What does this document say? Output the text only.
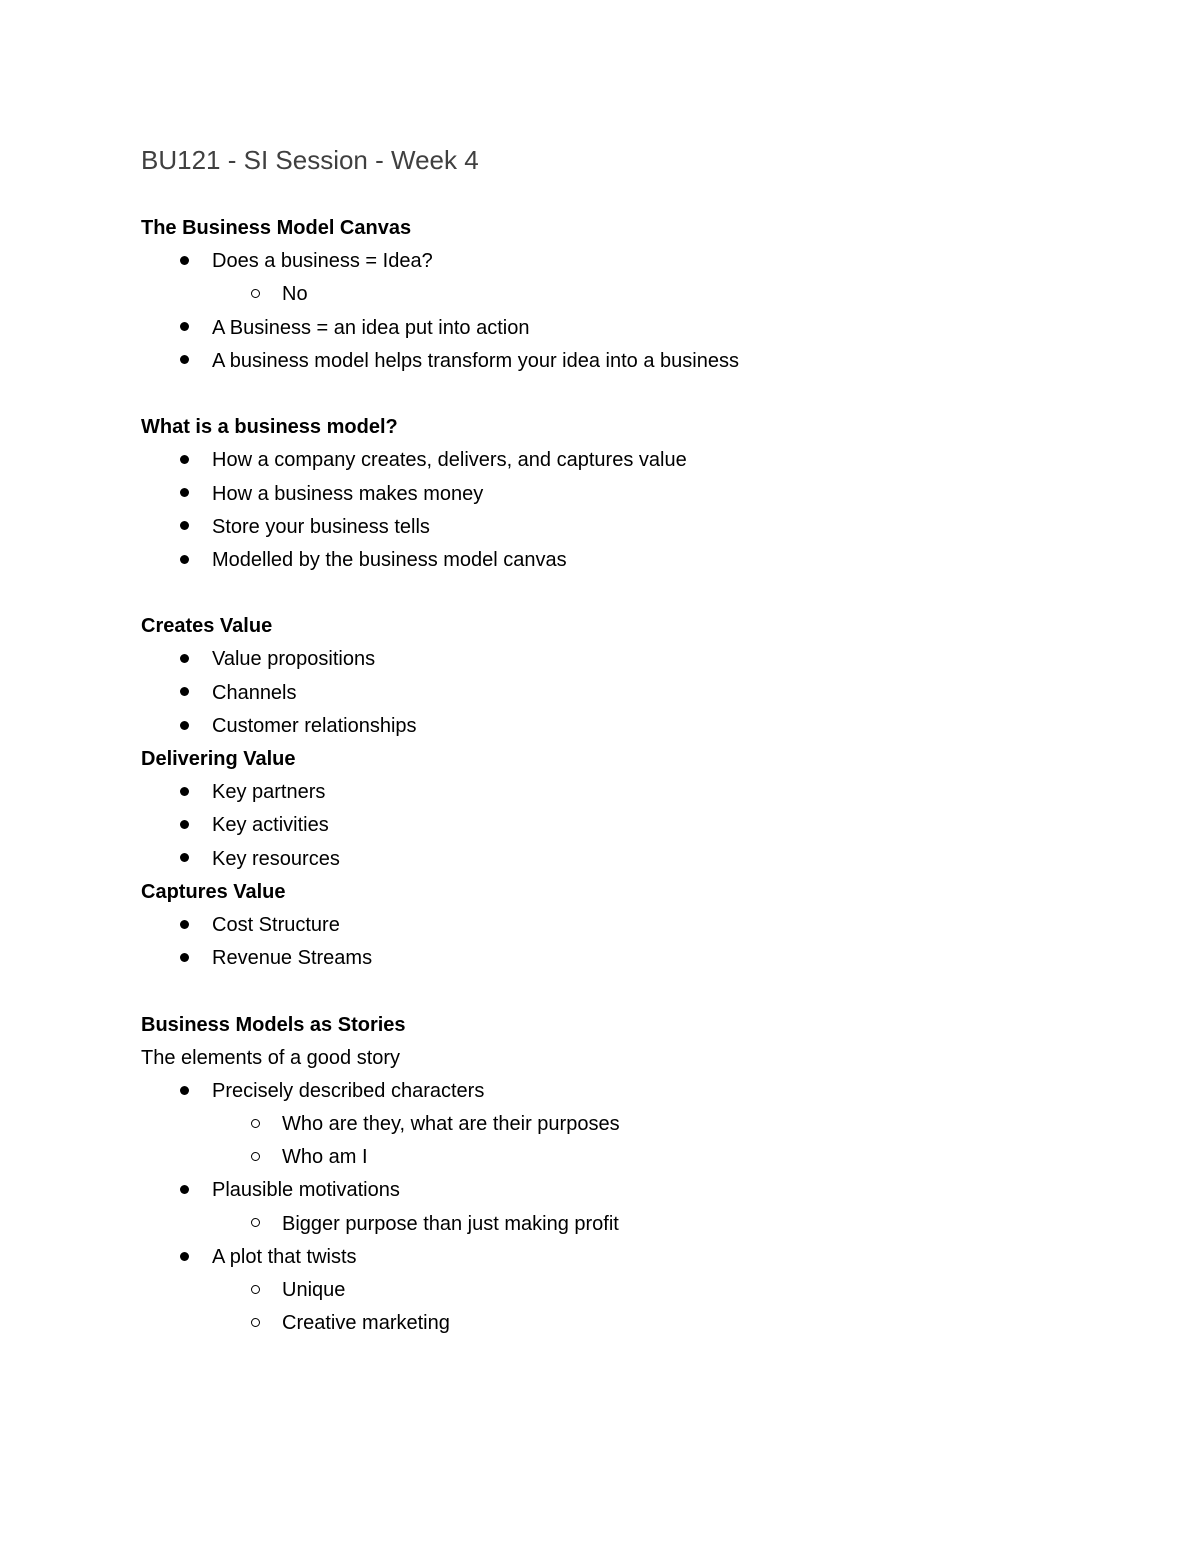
BU121 - SI Session - Week 4
The Business Model Canvas
Does a business = Idea?
No
A Business = an idea put into action
A business model helps transform your idea into a business
What is a business model?
How a company creates, delivers, and captures value
How a business makes money
Store your business tells
Modelled by the business model canvas
Creates Value
Value propositions
Channels
Customer relationships
Delivering Value
Key partners
Key activities
Key resources
Captures Value
Cost Structure
Revenue Streams
Business Models as Stories
The elements of a good story
Precisely described characters
Who are they, what are their purposes
Who am I
Plausible motivations
Bigger purpose than just making profit
A plot that twists
Unique
Creative marketing
